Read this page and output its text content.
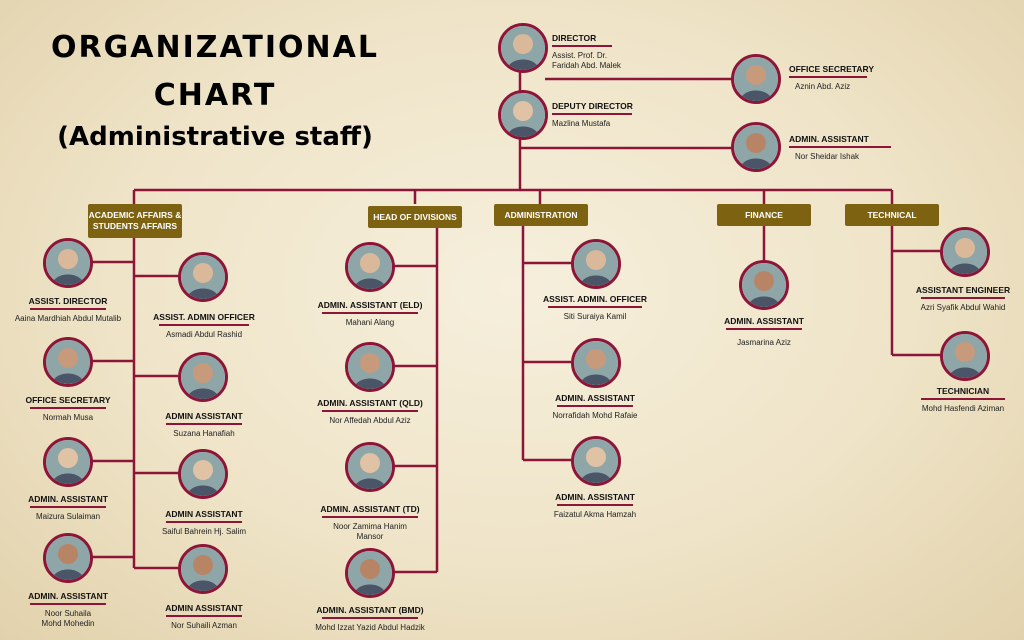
ORGANIZATIONAL
CHART
(Administrative staff)
ACADEMIC AFFAIRS & STUDENTS AFFAIRS
HEAD OF DIVISIONS	ADMINISTRATION	FINANCE	TECHNICAL
DIRECTOR
Assist. Prof. Dr.
Faridah Abd. Malek	OFFICE SECRETARY
Aznin Abd. Aziz
DEPUTY DIRECTOR
Mazlina Mustafa
ADMIN. ASSISTANT
Nor Sheidar Ishak
ASSIST. DIRECTOR
Aaina Mardhiah Abdul Mutalib
OFFICE SECRETARY
Normah Musa
ADMIN. ASSISTANT
Maizura Sulaiman
ADMIN. ASSISTANT
Noor Suhaila
Mohd Mohedin
ASSIST. ADMIN OFFICER
Asmadi Abdul Rashid
ADMIN ASSISTANT
Suzana Hanafiah
ADMIN ASSISTANT
Saiful Bahrein Hj. Salim
ADMIN ASSISTANT
Nor Suhaili Azman
ADMIN. ASSISTANT (ELD)
Mahani Alang
ADMIN. ASSISTANT (QLD)
Nor Affedah Abdul Aziz
ADMIN. ASSISTANT (TD)
Noor Zamima Hanim
Mansor
ADMIN. ASSISTANT (BMD)
Mohd Izzat Yazid Abdul Hadzik
ASSIST. ADMIN. OFFICER
Siti Suraiya Kamil
ADMIN. ASSISTANT
Norrafidah Mohd Rafaie
ADMIN. ASSISTANT
Faizatul Akma Hamzah
ADMIN. ASSISTANT
Jasmarina Aziz
ASSISTANT ENGINEER
Azri Syafik Abdul Wahid
TECHNICIAN
Mohd Hasfendi Aziman
